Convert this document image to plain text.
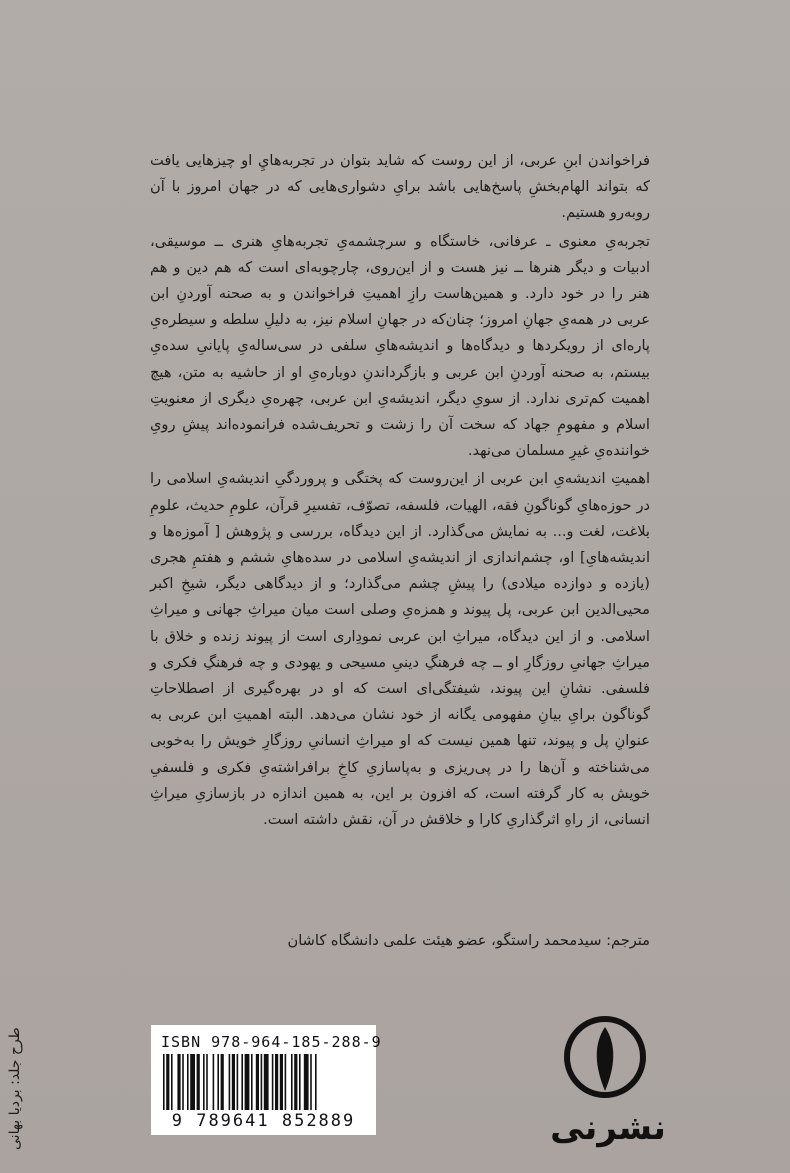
فراخواندن ابنِ عربی، از این روست که شاید بتوان در تجربه‌هايِ او چیزهایی یافت که بتواند الهام‌بخشِ پاسخ‌هایی باشد برایِ دشواری‌هایی که در جهان امروز با آن روبه‌رو هستیم.

تجربه‌یِ معنوی ـ عرفانی، خاستگاه و سرچشمه‌یِ تجربه‌هایِ هنری ــ موسیقی، ادبیات و دیگر هنرها ــ نیز هست و از این‌روی، چارچوبه‌ای است که هم دین و هم هنر را در خود دارد. و همین‌هاست رازِ اهمیتِ فراخواندن و به صحنه آوردنِ ابن عربی در همه‌یِ جهانِ امروز؛ چنان‌که در جهانِ اسلام نیز، به دلیلِ سلطه و سیطره‌یِ پاره‌ای از رویکردها و دیدگاه‌ها و اندیشه‌هایِ سلفی در سی‌ساله‌یِ پایانیِ سده‌یِ بیستم، به صحنه آوردنِ ابن عربی و بازگرداندنِ دوباره‌یِ او از حاشیه به متن، هیچ اهمیت کم‌تری ندارد. از سویِ دیگر، اندیشه‌یِ ابن عربی، چهره‌یِ دیگری از معنویتِ اسلام و مفهومِ جهاد که سخت آن را زشت و تحریف‌شده فرانموده‌اند پیشِ رویِ خواننده‌یِ غیرِ مسلمان می‌نهد.

اهمیتِ اندیشه‌یِ ابن عربی از این‌روست که پختگی و پروردگیِ اندیشه‌یِ اسلامی را در حوزه‌هایِ گوناگونِ فقه، الهیات، فلسفه، تصوّف، تفسیرِ قرآن، علومِ حدیث، علومِ بلاغت، لغت و... به نمایش می‌گذارد. از این دیدگاه، بررسی و پژوهش [ آموزه‌ها و اندیشه‌هایِ] او، چشم‌اندازی از اندیشه‌یِ اسلامی در سده‌هایِ ششم و هفتمِ هجری (یازده و دوازده میلادی) را پیشِ چشم می‌گذارد؛ و از دیدگاهی دیگر، شیخِ اکبر محیی‌الدین ابن عربی، پل پیوند و همزه‌یِ وصلی است میان میراثِ جهانی و میراثِ اسلامی. و از این دیدگاه، میراثِ ابن عربی نمودِاری است از پیوند زنده و خلاق با میراثِ جهانیِ روزگارِ او ــ چه فرهنگِ دینیِ مسیحی و یهودی و چه فرهنگِ فکری و فلسفی. نشانِ این پیوند، شیفتگی‌ای است که او در بهره‌گیری از اصطلاحاتِ گوناگون برایِ بیانِ مفهومی یگانه از خود نشان می‌دهد. البته اهمیتِ ابن عربی به عنوانِ پل و پیوند، تنها همین نیست که او میراثِ انسانیِ روزگارِ خویش را به‌خوبی می‌شناخته و آن‌ها را در پی‌ریزی و به‌پاسازیِ کاخِ برافراشته‌یِ فکری و فلسفیِ خویش به کار گرفته است، که افزون بر این، به همین اندازه در بازسازیِ میراثِ انسانی، از راهِ اثرگذاریِ کارا و خلاقش در آن، نقش داشته است.

مترجم: سیدمحمد راستگو، عضو هیئت علمی دانشگاه کاشان
ISBN 978-964-185-288-9
9 789641 852889	نشرنی
طرح جلد: بردیا بهانی
